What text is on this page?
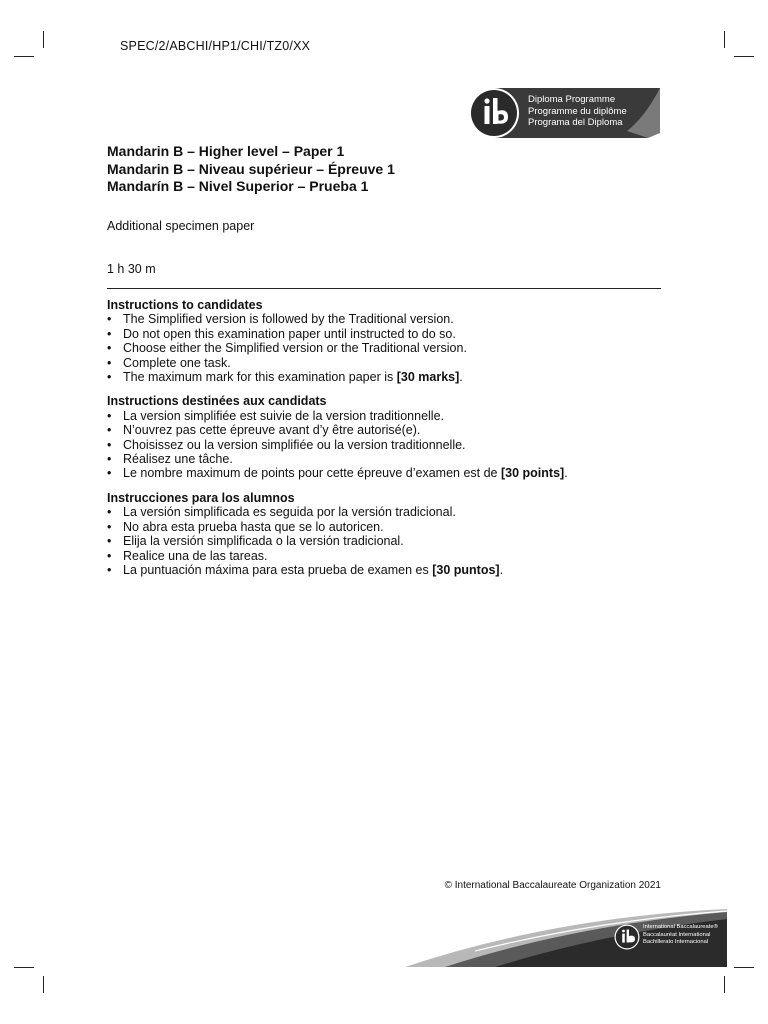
SPEC/2/ABCHI/HP1/CHI/TZ0/XX
Diploma Programme
Programme du diplôme
Programa del Diploma
Mandarin B – Higher level – Paper 1
Mandarin B – Niveau supérieur – Épreuve 1
Mandarín B – Nivel Superior – Prueba 1
Additional specimen paper
1 h 30 m
Instructions to candidates
• The Simplified version is followed by the Traditional version.
• Do not open this examination paper until instructed to do so.
• Choose either the Simplified version or the Traditional version.
• Complete one task.
• The maximum mark for this examination paper is [30 marks].
Instructions destinées aux candidats
• La version simplifiée est suivie de la version traditionnelle.
• N’ouvrez pas cette épreuve avant d’y être autorisé(e).
• Choisissez ou la version simplifiée ou la version traditionnelle.
• Réalisez une tâche.
• Le nombre maximum de points pour cette épreuve d’examen est de [30 points].
Instrucciones para los alumnos
• La versión simplificada es seguida por la versión tradicional.
• No abra esta prueba hasta que se lo autoricen.
• Elija la versión simplificada o la versión tradicional.
• Realice una de las tareas.
• La puntuación máxima para esta prueba de examen es [30 puntos].
© International Baccalaureate Organization 2021
International Baccalaureate®
Baccalauréat International
Bachillerato Internacional
